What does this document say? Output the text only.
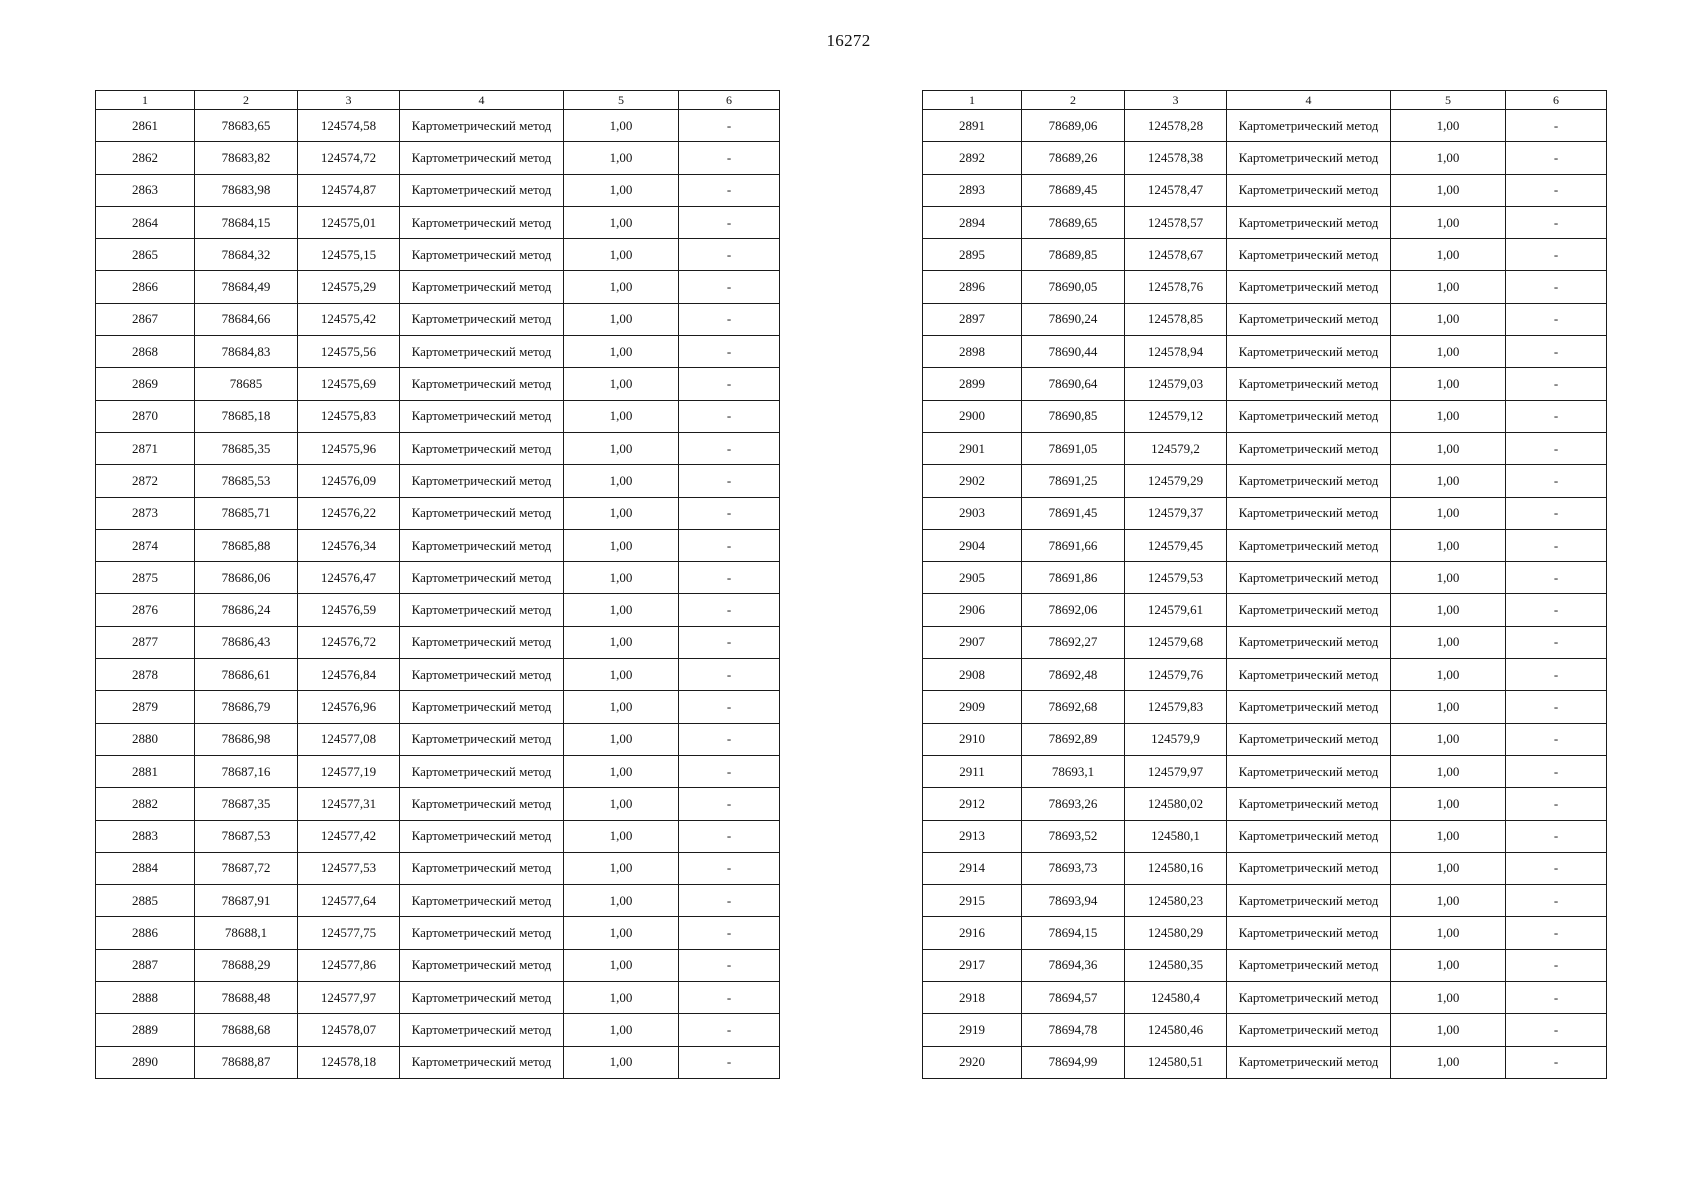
16272
1	2	3	4	5	6
2861	78683,65	124574,58	Картометрический метод	1,00	-
2862	78683,82	124574,72	Картометрический метод	1,00	-
2863	78683,98	124574,87	Картометрический метод	1,00	-
2864	78684,15	124575,01	Картометрический метод	1,00	-
2865	78684,32	124575,15	Картометрический метод	1,00	-
2866	78684,49	124575,29	Картометрический метод	1,00	-
2867	78684,66	124575,42	Картометрический метод	1,00	-
2868	78684,83	124575,56	Картометрический метод	1,00	-
2869	78685	124575,69	Картометрический метод	1,00	-
2870	78685,18	124575,83	Картометрический метод	1,00	-
2871	78685,35	124575,96	Картометрический метод	1,00	-
2872	78685,53	124576,09	Картометрический метод	1,00	-
2873	78685,71	124576,22	Картометрический метод	1,00	-
2874	78685,88	124576,34	Картометрический метод	1,00	-
2875	78686,06	124576,47	Картометрический метод	1,00	-
2876	78686,24	124576,59	Картометрический метод	1,00	-
2877	78686,43	124576,72	Картометрический метод	1,00	-
2878	78686,61	124576,84	Картометрический метод	1,00	-
2879	78686,79	124576,96	Картометрический метод	1,00	-
2880	78686,98	124577,08	Картометрический метод	1,00	-
2881	78687,16	124577,19	Картометрический метод	1,00	-
2882	78687,35	124577,31	Картометрический метод	1,00	-
2883	78687,53	124577,42	Картометрический метод	1,00	-
2884	78687,72	124577,53	Картометрический метод	1,00	-
2885	78687,91	124577,64	Картометрический метод	1,00	-
2886	78688,1	124577,75	Картометрический метод	1,00	-
2887	78688,29	124577,86	Картометрический метод	1,00	-
2888	78688,48	124577,97	Картометрический метод	1,00	-
2889	78688,68	124578,07	Картометрический метод	1,00	-
2890	78688,87	124578,18	Картометрический метод	1,00	-
1	2	3	4	5	6
2891	78689,06	124578,28	Картометрический метод	1,00	-
2892	78689,26	124578,38	Картометрический метод	1,00	-
2893	78689,45	124578,47	Картометрический метод	1,00	-
2894	78689,65	124578,57	Картометрический метод	1,00	-
2895	78689,85	124578,67	Картометрический метод	1,00	-
2896	78690,05	124578,76	Картометрический метод	1,00	-
2897	78690,24	124578,85	Картометрический метод	1,00	-
2898	78690,44	124578,94	Картометрический метод	1,00	-
2899	78690,64	124579,03	Картометрический метод	1,00	-
2900	78690,85	124579,12	Картометрический метод	1,00	-
2901	78691,05	124579,2	Картометрический метод	1,00	-
2902	78691,25	124579,29	Картометрический метод	1,00	-
2903	78691,45	124579,37	Картометрический метод	1,00	-
2904	78691,66	124579,45	Картометрический метод	1,00	-
2905	78691,86	124579,53	Картометрический метод	1,00	-
2906	78692,06	124579,61	Картометрический метод	1,00	-
2907	78692,27	124579,68	Картометрический метод	1,00	-
2908	78692,48	124579,76	Картометрический метод	1,00	-
2909	78692,68	124579,83	Картометрический метод	1,00	-
2910	78692,89	124579,9	Картометрический метод	1,00	-
2911	78693,1	124579,97	Картометрический метод	1,00	-
2912	78693,26	124580,02	Картометрический метод	1,00	-
2913	78693,52	124580,1	Картометрический метод	1,00	-
2914	78693,73	124580,16	Картометрический метод	1,00	-
2915	78693,94	124580,23	Картометрический метод	1,00	-
2916	78694,15	124580,29	Картометрический метод	1,00	-
2917	78694,36	124580,35	Картометрический метод	1,00	-
2918	78694,57	124580,4	Картометрический метод	1,00	-
2919	78694,78	124580,46	Картометрический метод	1,00	-
2920	78694,99	124580,51	Картометрический метод	1,00	-
